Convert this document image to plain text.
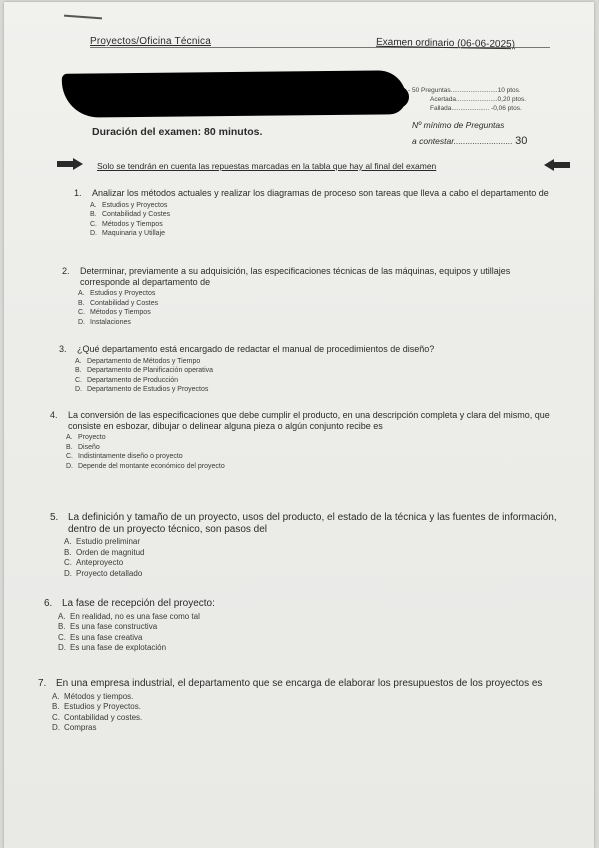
Proyectos/Oficina Técnica	Examen ordinario (06-06-2025)
- 50 Preguntas..........................10 ptos.
Acertada.......................0,20 ptos.
Fallada..................... -0,06 ptos.
Nº mínimo de Preguntas
a contestar......................... 30
Duración del examen: 80 minutos.
Solo se tendrán en cuenta las repuestas marcadas en la tabla que hay al final del examen
1.	Analizar los métodos actuales y realizar los diagramas de proceso son tareas que lleva a cabo el departamento de
A. Estudios y Proyectos
B. Contabilidad y Costes
C. Métodos y Tiempos
D. Maquinaria y Utillaje
2.	Determinar, previamente a su adquisición, las especificaciones técnicas de las máquinas, equipos y utillajes corresponde al departamento de
A. Estudios y Proyectos
B. Contabilidad y Costes
C. Métodos y Tiempos
D. Instalaciones
3.	¿Qué departamento está encargado de redactar el manual de procedimientos de diseño?
A. Departamento de Métodos y Tiempo
B. Departamento de Planificación operativa
C. Departamento de Producción
D. Departamento de Estudios y Proyectos
4.	La conversión de las especificaciones que debe cumplir el producto, en una descripción completa y clara del mismo, que consiste en esbozar, dibujar o delinear alguna pieza o algún conjunto recibe es
A. Proyecto
B. Diseño
C. Indistintamente diseño o proyecto
D. Depende del montante económico del proyecto
5. La definición y tamaño de un proyecto, usos del producto, el estado de la técnica y las fuentes de información, dentro de un proyecto técnico, son pasos del
A. Estudio preliminar
B. Orden de magnitud
C. Anteproyecto
D. Proyecto detallado
6. La fase de recepción del proyecto:
A. En realidad, no es una fase como tal
B. Es una fase constructiva
C. Es una fase creativa
D. Es una fase de explotación
7. En una empresa industrial, el departamento que se encarga de elaborar los presupuestos de los proyectos es
A. Métodos y tiempos.
B. Estudios y Proyectos.
C. Contabilidad y costes.
D. Compras
